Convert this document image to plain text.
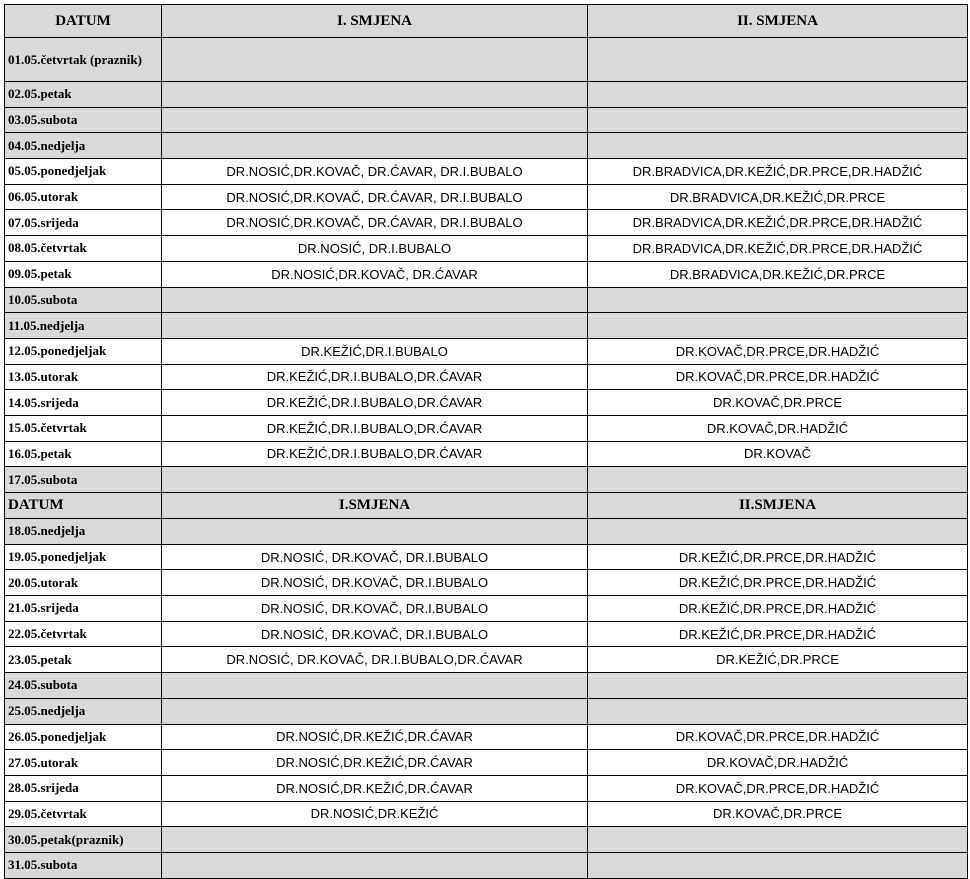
DATUM	I. SMJENA	II. SMJENA
01.05.četvrtak (praznik)		
02.05.petak		
03.05.subota		
04.05.nedjelja		
05.05.ponedjeljak	DR.NOSIĆ,DR.KOVAČ, DR.ĆAVAR, DR.I.BUBALO	DR.BRADVICA,DR.KEŽIĆ,DR.PRCE,DR.HADŽIĆ
06.05.utorak	DR.NOSIĆ,DR.KOVAČ, DR.ĆAVAR, DR.I.BUBALO	DR.BRADVICA,DR.KEŽIĆ,DR.PRCE
07.05.srijeda	DR.NOSIĆ,DR.KOVAČ, DR.ĆAVAR, DR.I.BUBALO	DR.BRADVICA,DR.KEŽIĆ,DR.PRCE,DR.HADŽIĆ
08.05.četvrtak	DR.NOSIĆ, DR.I.BUBALO	DR.BRADVICA,DR.KEŽIĆ,DR.PRCE,DR.HADŽIĆ
09.05.petak	DR.NOSIĆ,DR.KOVAČ, DR.ĆAVAR	DR.BRADVICA,DR.KEŽIĆ,DR.PRCE
10.05.subota		
11.05.nedjelja		
12.05.ponedjeljak	DR.KEŽIĆ,DR.I.BUBALO	DR.KOVAČ,DR.PRCE,DR.HADŽIĆ
13.05.utorak	DR.KEŽIĆ,DR.I.BUBALO,DR.ĆAVAR	DR.KOVAČ,DR.PRCE,DR.HADŽIĆ
14.05.srijeda	DR.KEŽIĆ,DR.I.BUBALO,DR.ĆAVAR	DR.KOVAČ,DR.PRCE
15.05.četvrtak	DR.KEŽIĆ,DR.I.BUBALO,DR.ĆAVAR	DR.KOVAČ,DR.HADŽIĆ
16.05.petak	DR.KEŽIĆ,DR.I.BUBALO,DR.ĆAVAR	DR.KOVAČ
17.05.subota		
DATUM	I.SMJENA	II.SMJENA
18.05.nedjelja		
19.05.ponedjeljak	DR.NOSIĆ, DR.KOVAČ, DR.I.BUBALO	DR.KEŽIĆ,DR.PRCE,DR.HADŽIĆ
20.05.utorak	DR.NOSIĆ, DR.KOVAČ, DR.I.BUBALO	DR.KEŽIĆ,DR.PRCE,DR.HADŽIĆ
21.05.srijeda	DR.NOSIĆ, DR.KOVAČ, DR.I.BUBALO	DR.KEŽIĆ,DR.PRCE,DR.HADŽIĆ
22.05.četvrtak	DR.NOSIĆ, DR.KOVAČ, DR.I.BUBALO	DR.KEŽIĆ,DR.PRCE,DR.HADŽIĆ
23.05.petak	DR.NOSIĆ, DR.KOVAČ, DR.I.BUBALO,DR.ĆAVAR	DR.KEŽIĆ,DR.PRCE
24.05.subota		
25.05.nedjelja		
26.05.ponedjeljak	DR.NOSIĆ,DR.KEŽIĆ,DR.ĆAVAR	DR.KOVAČ,DR.PRCE,DR.HADŽIĆ
27.05.utorak	DR.NOSIĆ,DR.KEŽIĆ,DR.ĆAVAR	DR.KOVAČ,DR.HADŽIĆ
28.05.srijeda	DR.NOSIĆ,DR.KEŽIĆ,DR.ĆAVAR	DR.KOVAČ,DR.PRCE,DR.HADŽIĆ
29.05.četvrtak	DR.NOSIĆ,DR.KEŽIĆ	DR.KOVAČ,DR.PRCE
30.05.petak(praznik)		
31.05.subota		
